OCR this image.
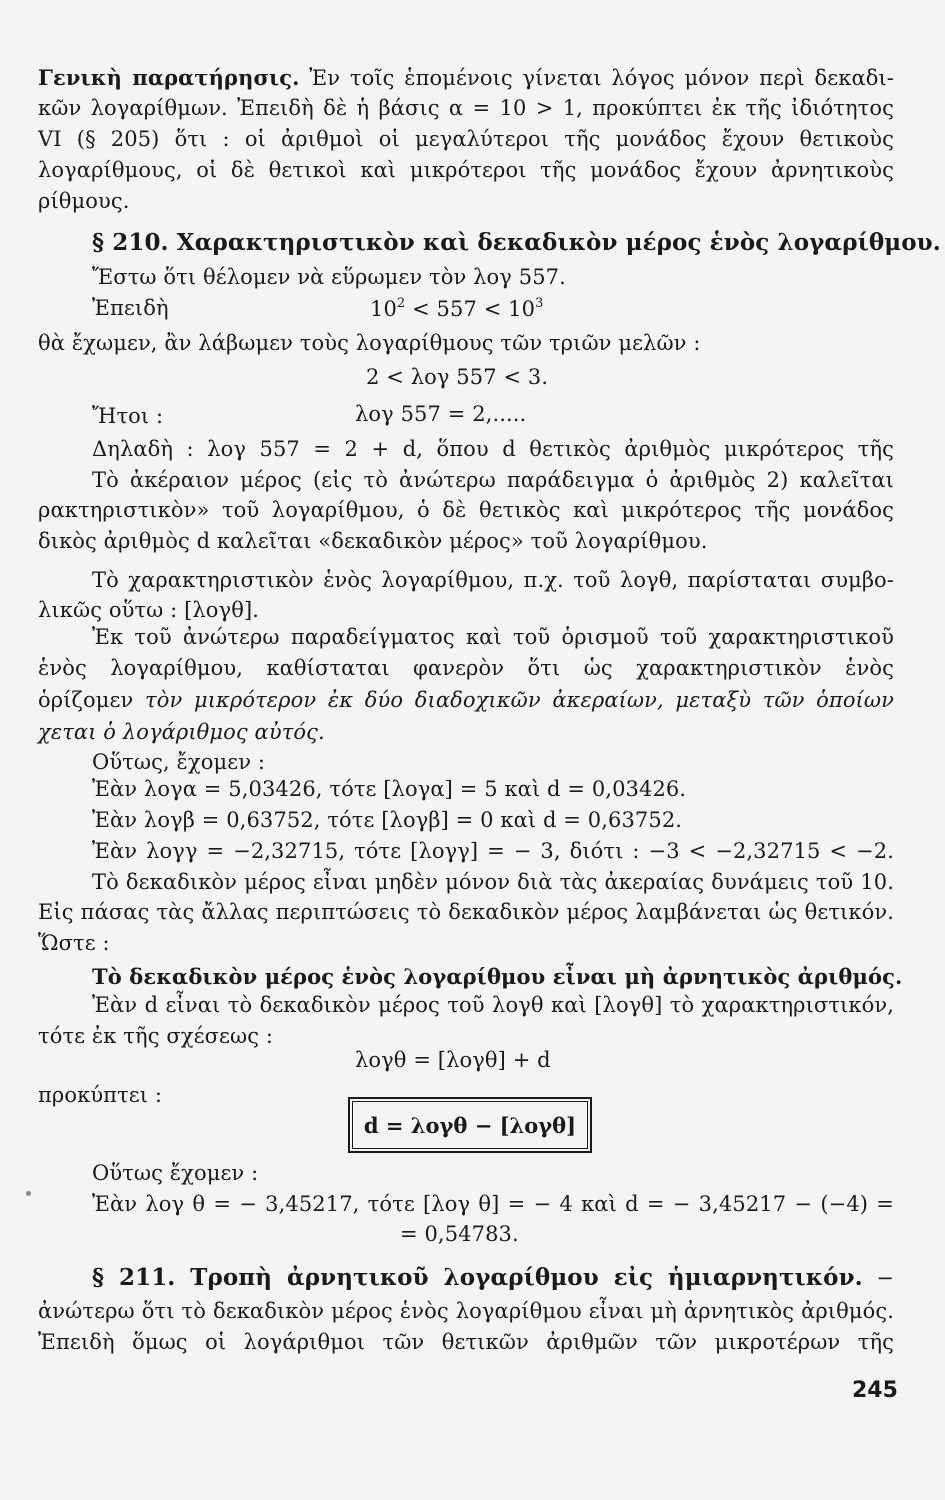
Γενικὴ παρατήρησις. Ἐν τοῖς ἑπομένοις γίνεται λόγος μόνον περὶ δεκαδι-
κῶν λογαρίθμων. Ἐπειδὴ δὲ ἡ βάσις α = 10 > 1, προκύπτει ἐκ τῆς ἰδιότητος
VI (§ 205) ὅτι : οἱ ἀριθμοὶ οἱ μεγαλύτεροι τῆς μονάδος ἔχουν θετικοὺς
λογαρίθμους, οἱ δὲ θετικοὶ καὶ μικρότεροι τῆς μονάδος ἔχουν ἀρνητικοὺς
ρίθμους.
§ 210. Χαρακτηριστικὸν καὶ δεκαδικὸν μέρος ἑνὸς λογαρίθμου.
Ἔστω ὅτι θέλομεν νὰ εὕρωμεν τὸν λογ 557.
Ἐπειδὴ	$10^2 < 557 < 10^3$
θὰ ἔχωμεν, ἂν λάβωμεν τοὺς λογαρίθμους τῶν τριῶν μελῶν :
2 < λογ 557 < 3.
Ἤτοι :	λογ 557 = 2,.....
Δηλαδὴ : λογ 557 = 2 + d, ὅπου d θετικὸς ἀριθμὸς μικρότερος τῆς
Τὸ ἀκέραιον μέρος (εἰς τὸ ἀνώτερω παράδειγμα ὁ ἀριθμὸς 2) καλεῖται
ρακτηριστικὸν» τοῦ λογαρίθμου, ὁ δὲ θετικὸς καὶ μικρότερος τῆς μονάδος
δικὸς ἀριθμὸς d καλεῖται «δεκαδικὸν μέρος» τοῦ λογαρίθμου.
Τὸ χαρακτηριστικὸν ἑνὸς λογαρίθμου, π.χ. τοῦ λογθ, παρίσταται συμβο-
λικῶς οὕτω : [λογθ].
Ἐκ τοῦ ἀνώτερω παραδείγματος καὶ τοῦ ὁρισμοῦ τοῦ χαρακτηριστικοῦ
ἑνὸς λογαρίθμου, καθίσταται φανερὸν ὅτι ὡς χαρακτηριστικὸν ἑνὸς
ὁρίζομεν τὸν μικρότερον ἐκ δύο διαδοχικῶν ἀκεραίων, μεταξὺ τῶν ὁποίων
χεται ὁ λογάριθμος αὐτός.
Οὕτως, ἔχομεν :
Ἐὰν λογα = 5,03426, τότε [λογα] = 5 καὶ d = 0,03426.
Ἐὰν λογβ = 0,63752, τότε [λογβ] = 0 καὶ d = 0,63752.
Ἐὰν λογγ = −2,32715, τότε [λογγ] = − 3, διότι : −3 < −2,32715 < −2.
Τὸ δεκαδικὸν μέρος εἶναι μηδὲν μόνον διὰ τὰς ἀκεραίας δυνάμεις τοῦ 10.
Εἰς πάσας τὰς ἄλλας περιπτώσεις τὸ δεκαδικὸν μέρος λαμβάνεται ὡς θετικόν.
Ὥστε :
Τὸ δεκαδικὸν μέρος ἑνὸς λογαρίθμου εἶναι μὴ ἀρνητικὸς ἀριθμός.
Ἐὰν d εἶναι τὸ δεκαδικὸν μέρος τοῦ λογθ καὶ [λογθ] τὸ χαρακτηριστικόν,
τότε ἐκ τῆς σχέσεως :
λογθ = [λογθ] + d
προκύπτει :
d = λογθ − [λογθ]
Οὕτως ἔχομεν :
Ἐὰν λογ θ = − 3,45217, τότε [λογ θ] = − 4 καὶ d = − 3,45217 − (−4) =
= 0,54783.
§ 211. Τροπὴ ἀρνητικοῦ λογαρίθμου εἰς ἡμιαρνητικόν. −
ἀνώτερω ὅτι τὸ δεκαδικὸν μέρος ἑνὸς λογαρίθμου εἶναι μὴ ἀρνητικὸς ἀριθμός.
Ἐπειδὴ ὅμως οἱ λογάριθμοι τῶν θετικῶν ἀριθμῶν τῶν μικροτέρων τῆς
245
